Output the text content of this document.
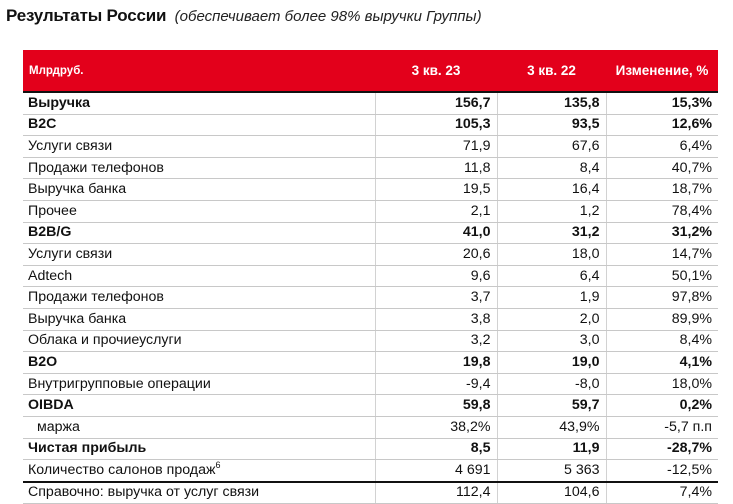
Результаты России (обеспечивает более 98% выручки Группы)
Млрдруб.	3 кв. 23	3 кв. 22	Изменение, %
Выручка	156,7	135,8	15,3%
B2C	105,3	93,5	12,6%
Услуги связи	71,9	67,6	6,4%
Продажи телефонов	11,8	8,4	40,7%
Выручка банка	19,5	16,4	18,7%
Прочее	2,1	1,2	78,4%
B2B/G	41,0	31,2	31,2%
Услуги связи	20,6	18,0	14,7%
Adtech	9,6	6,4	50,1%
Продажи телефонов	3,7	1,9	97,8%
Выручка банка	3,8	2,0	89,9%
Облака и прочиеуслуги	3,2	3,0	8,4%
B2O	19,8	19,0	4,1%
Внутригрупповые операции	-9,4	-8,0	18,0%
OIBDA	59,8	59,7	0,2%
маржа	38,2%	43,9%	-5,7 п.п
Чистая прибыль	8,5	11,9	-28,7%
Количество салонов продаж$^6$	4 691	5 363	-12,5%
Справочно: выручка от услуг связи	112,4	104,6	7,4%
